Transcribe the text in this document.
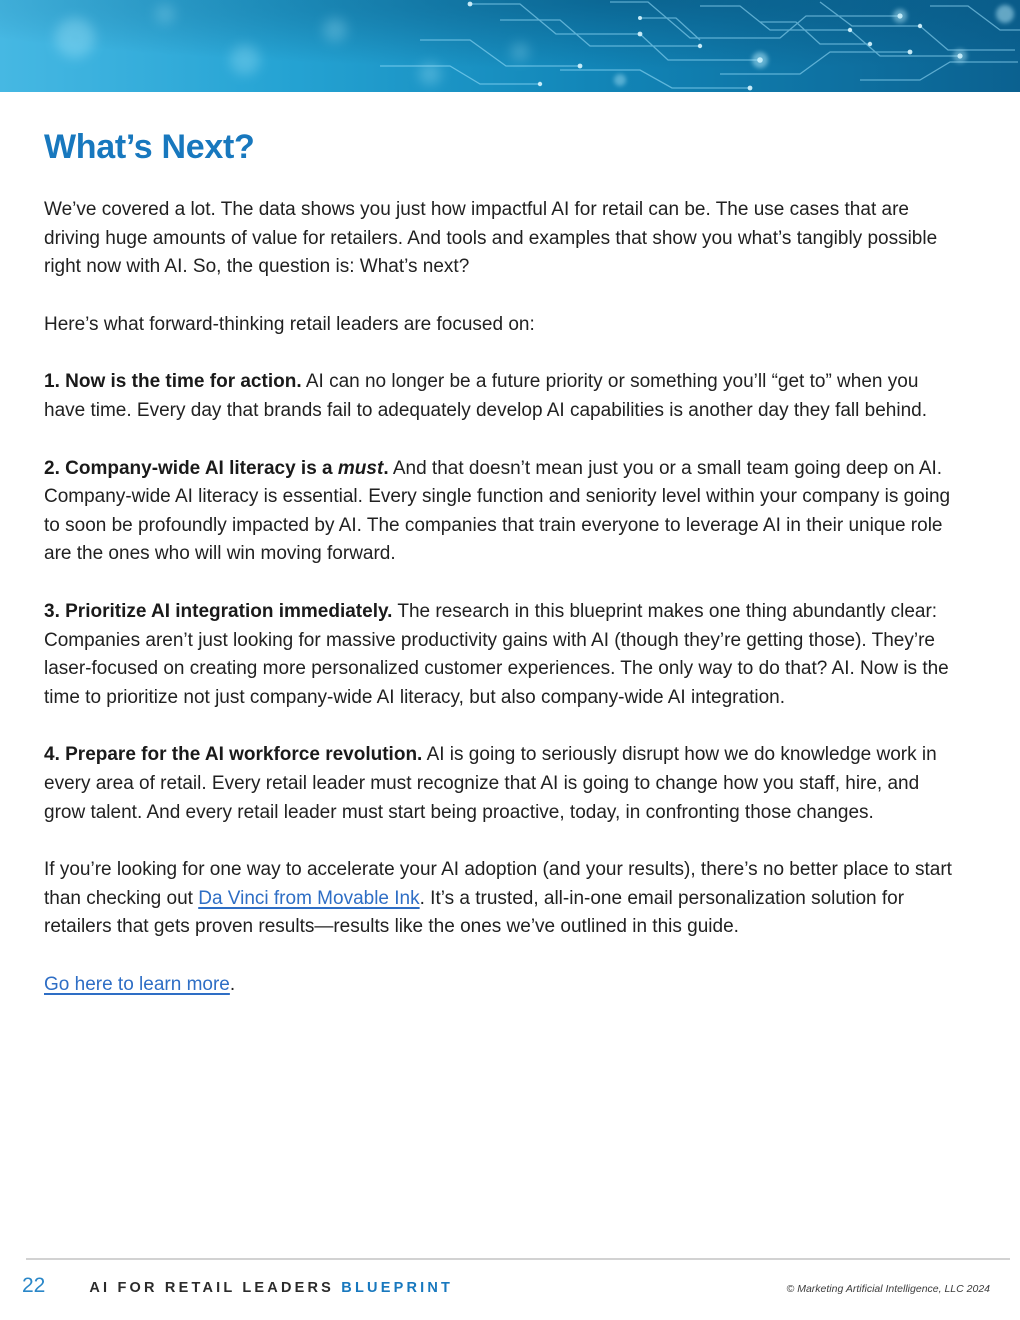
What’s Next?

We’ve covered a lot. The data shows you just how impactful AI for retail can be. The use cases that are driving huge amounts of value for retailers. And tools and examples that show you what’s tangibly possible right now with AI. So, the question is: What’s next?

Here’s what forward-thinking retail leaders are focused on:

1. Now is the time for action. AI can no longer be a future priority or something you’ll “get to” when you have time. Every day that brands fail to adequately develop AI capabilities is another day they fall behind.

2. Company-wide AI literacy is a must. And that doesn’t mean just you or a small team going deep on AI. Company-wide AI literacy is essential. Every single function and seniority level within your company is going to soon be profoundly impacted by AI. The companies that train everyone to leverage AI in their unique role are the ones who will win moving forward.

3. Prioritize AI integration immediately. The research in this blueprint makes one thing abundantly clear: Companies aren’t just looking for massive productivity gains with AI (though they’re getting those). They’re laser-focused on creating more personalized customer experiences. The only way to do that? AI. Now is the time to prioritize not just company-wide AI literacy, but also company-wide AI integration.

4. Prepare for the AI workforce revolution. AI is going to seriously disrupt how we do knowledge work in every area of retail. Every retail leader must recognize that AI is going to change how you staff, hire, and grow talent. And every retail leader must start being proactive, today, in confronting those changes.

If you’re looking for one way to accelerate your AI adoption (and your results), there’s no better place to start than checking out Da Vinci from Movable Ink. It’s a trusted, all-in-one email personalization solution for retailers that gets proven results—results like the ones we’ve outlined in this guide.

Go here to learn more.

22	AI FOR RETAIL LEADERS BLUEPRINT	© Marketing Artificial Intelligence, LLC 2024
